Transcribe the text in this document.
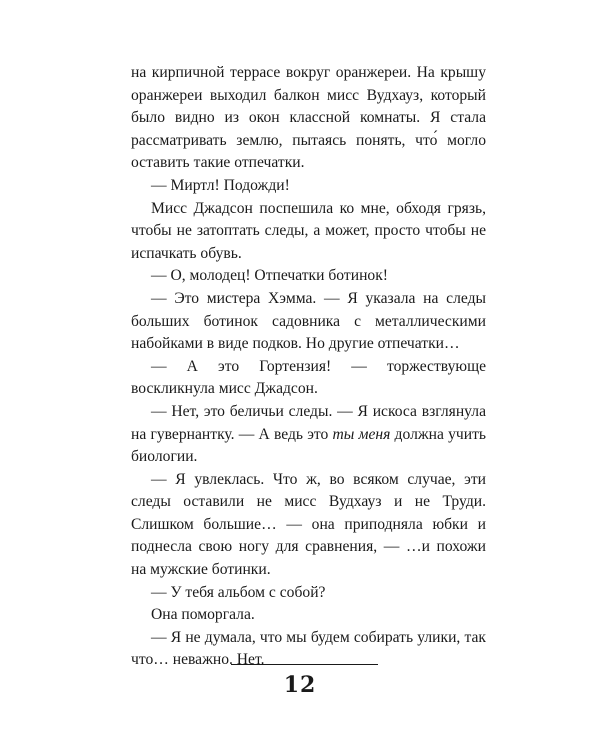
на кирпичной террасе вокруг оранжереи. На крышу оранжереи выходил балкон мисс Вудхауз, который было видно из окон классной комнаты. Я стала рассматривать землю, пытаясь понять, что́ могло оставить такие отпечатки.

— Миртл! Подожди!

Мисс Джадсон поспешила ко мне, обходя грязь, чтобы не затоптать следы, а может, просто чтобы не испачкать обувь.

— О, молодец! Отпечатки ботинок!

— Это мистера Хэмма. — Я указала на следы больших ботинок садовника с металлическими набойками в виде подков. Но другие отпечатки…

— А это Гортензия! — торжествующе воскликнула мисс Джадсон.

— Нет, это беличьи следы. — Я искоса взглянула на гувернантку. — А ведь это ты меня должна учить биологии.

— Я увлеклась. Что ж, во всяком случае, эти следы оставили не мисс Вудхауз и не Труди. Слишком большие… — она приподняла юбки и поднесла свою ногу для сравнения, — …и похожи на мужские ботинки.

— У тебя альбом с собой?

Она поморгала.

— Я не думала, что мы будем собирать улики, так что… неважно. Нет.

12
